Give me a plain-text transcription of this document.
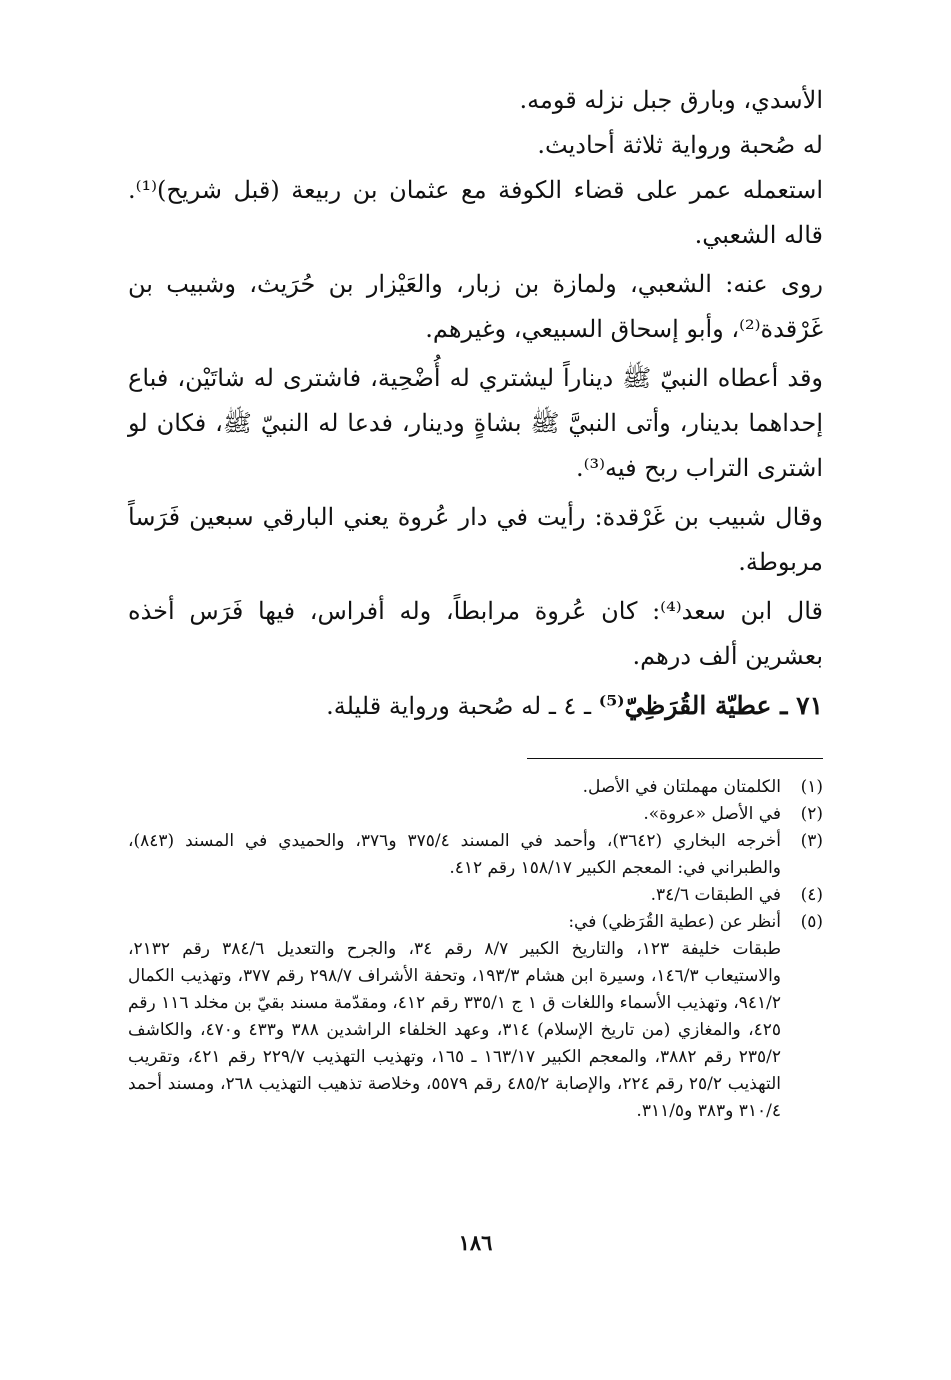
الأسدي، وبارق جبل نزله قومه.

له صُحبة ورواية ثلاثة أحاديث.

استعمله عمر على قضاء الكوفة مع عثمان بن ربيعة (قبل شريح)⁽¹⁾. قاله الشعبي.

روى عنه: الشعبي، ولمازة بن زبار، والعَيْزار بن حُرَيث، وشبيب بن غَرْقدة⁽²⁾، وأبو إسحاق السبيعي، وغيرهم.

وقد أعطاه النبيّ ﷺ ديناراً ليشتري له أُضْحِية، فاشترى له شاتَيْن، فباع إحداهما بدينار، وأتى النبيَّ ﷺ بشاةٍ ودينار، فدعا له النبيّ ﷺ، فكان لو اشترى التراب ربح فيه⁽³⁾.

وقال شبيب بن غَرْقدة: رأيت في دار عُروة يعني البارقي سبعين فَرَساً مربوطة.

قال ابن سعد⁽⁴⁾: كان عُروة مرابطاً، وله أفراس، فيها فَرَس أخذه بعشرين ألف درهم.

٧١ ـ عطيّة القُرَظِيّ⁽⁵⁾ ـ ٤ ـ له صُحبة ورواية قليلة.

(١)
الكلمتان مهملتان في الأصل.
(٢)
في الأصل «عروة».
(٣)
أخرجه البخاري (٣٦٤٢)، وأحمد في المسند ٣٧٥/٤ و٣٧٦، والحميدي في المسند (٨٤٣)، والطبراني في: المعجم الكبير ١٥٨/١٧ رقم ٤١٢.
(٤)
في الطبقات ٣٤/٦.
(٥)
أنظر عن (عطية القُرَظي) في:
طبقات خليفة ١٢٣، والتاريخ الكبير ٨/٧ رقم ٣٤، والجرح والتعديل ٣٨٤/٦ رقم ٢١٣٢، والاستيعاب ١٤٦/٣، وسيرة ابن هشام ١٩٣/٣، وتحفة الأشراف ٢٩٨/٧ رقم ٣٧٧، وتهذيب الكمال ٩٤١/٢، وتهذيب الأسماء واللغات ق ١ ج ٣٣٥/١ رقم ٤١٢، ومقدّمة مسند بقيّ بن مخلد ١١٦ رقم ٤٢٥، والمغازي (من تاريخ الإسلام) ٣١٤، وعهد الخلفاء الراشدين ٣٨٨ و٤٣٣ و٤٧٠، والكاشف ٢٣٥/٢ رقم ٣٨٨٢، والمعجم الكبير ١٦٣/١٧ ـ ١٦٥، وتهذيب التهذيب ٢٢٩/٧ رقم ٤٢١، وتقريب التهذيب ٢٥/٢ رقم ٢٢٤، والإصابة ٤٨٥/٢ رقم ٥٥٧٩، وخلاصة تذهيب التهذيب ٢٦٨، ومسند أحمد ٣١٠/٤ و٣٨٣ و٣١١/٥.
١٨٦
